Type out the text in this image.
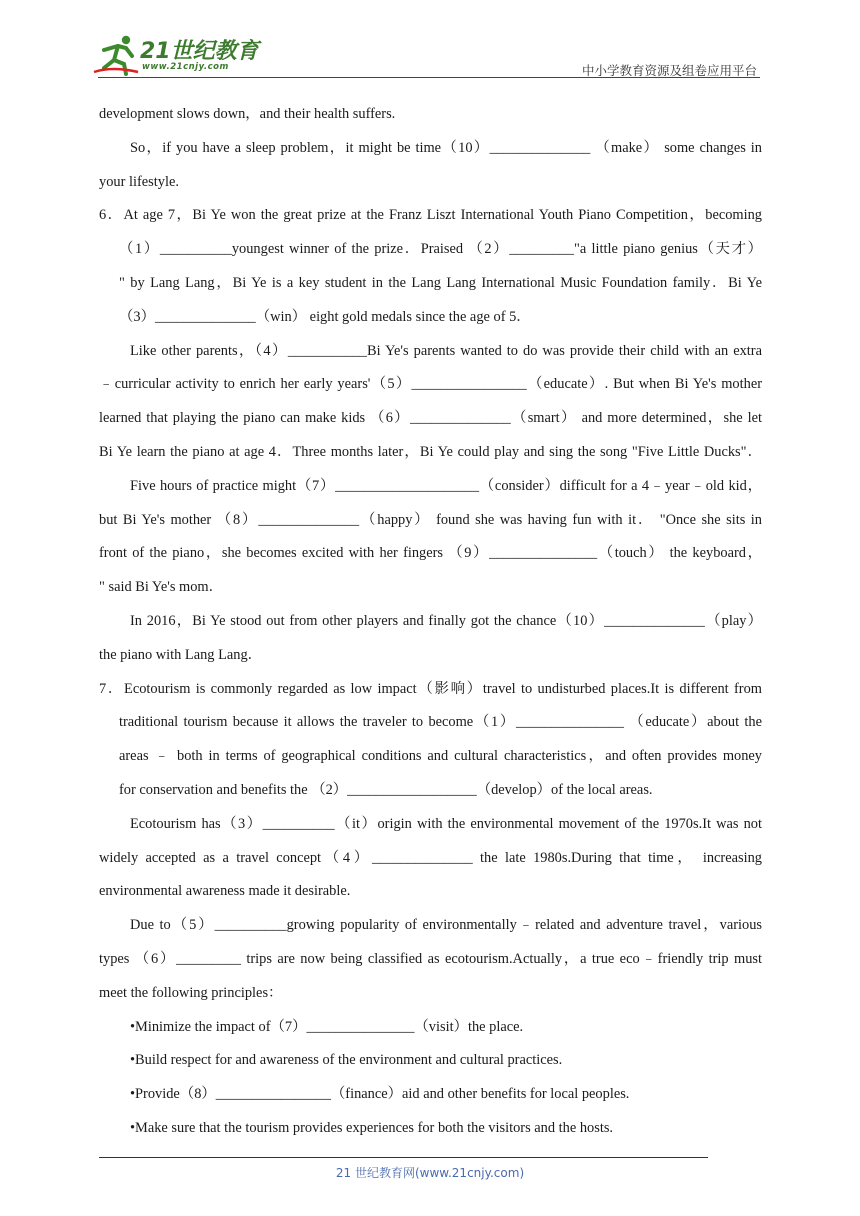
21世纪教育
www.21cnjy.com	中小学教育资源及组卷应用平台
development slows down，and their health suffers.
So，if you have a sleep problem，it might be time（10）______________ （make） some changes in
your lifestyle.
6．At age 7，Bi Ye won the great prize at the Franz Liszt International Youth Piano Competition，becoming
（1）__________youngest winner of the prize．Praised （2）_________"a little piano genius（天才）
" by Lang Lang，Bi Ye is a key student in the Lang Lang International Music Foundation family．Bi Ye
（3）______________（win） eight gold medals since the age of 5．
Like other parents，（4）___________Bi Ye's parents wanted to do was provide their child with an extra
﹣curricular activity to enrich her early years'（5）________________（educate）. But when Bi Ye's mother
learned that playing the piano can make kids （6）______________（smart） and more determined，she let
Bi Ye learn the piano at age 4．Three months later，Bi Ye could play and sing the song "Five Little Ducks"．
Five hours of practice might（7）____________________（consider）difficult for a 4﹣year﹣old kid，
but Bi Ye's mother （8）______________（happy） found she was having fun with it． "Once she sits in
front of the piano，she becomes excited with her fingers （9）_______________（touch） the keyboard，
" said Bi Ye's mom．
In 2016，Bi Ye stood out from other players and finally got the chance（10）______________（play）
the piano with Lang Lang．
7．Ecotourism is commonly regarded as low impact（影响）travel to undisturbed places.It is different from
traditional tourism because it allows the traveler to become（1）_______________ （educate）about the
areas ﹣ both in terms of geographical conditions and cultural characteristics，and often provides money
for conservation and benefits the （2）__________________（develop）of the local areas.
Ecotourism has（3）__________（it）origin with the environmental movement of the 1970s.It was not
widely accepted as a travel concept（4）______________ the late 1980s.During that time， increasing
environmental awareness made it desirable.
Due to（5）__________growing popularity of environmentally﹣related and adventure travel，various
types （6）_________ trips are now being classified as ecotourism.Actually，a true eco﹣friendly trip must
meet the following principles：
•Minimize the impact of（7）_______________（visit）the place.
•Build respect for and awareness of the environment and cultural practices.
•Provide（8）________________（finance）aid and other benefits for local peoples.
•Make sure that the tourism provides experiences for both the visitors and the hosts.
21 世纪教育网(www.21cnjy.com)
